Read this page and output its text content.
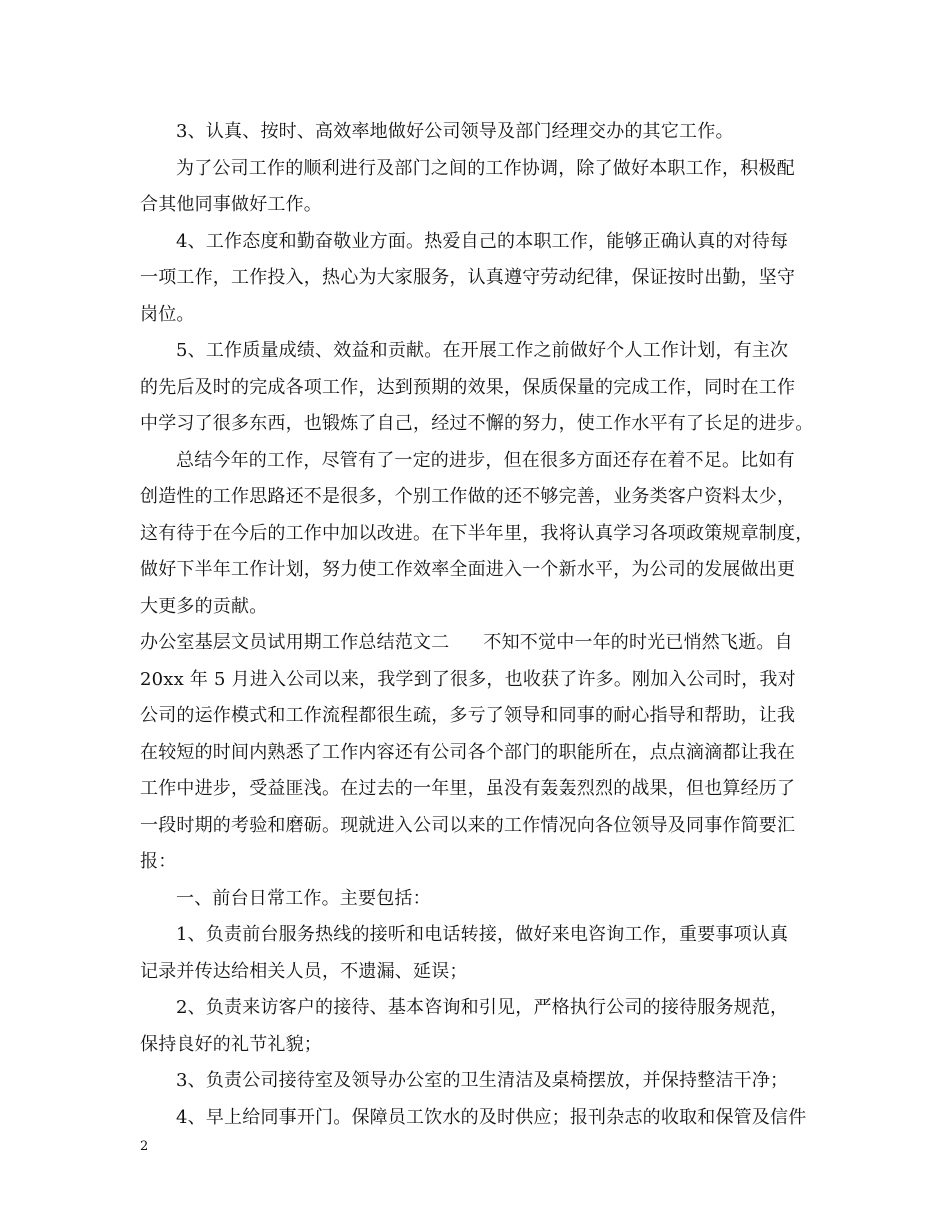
3、认真、按时、高效率地做好公司领导及部门经理交办的其它工作。
为了公司工作的顺利进行及部门之间的工作协调，除了做好本职工作，积极配
合其他同事做好工作。
4、工作态度和勤奋敬业方面。热爱自己的本职工作，能够正确认真的对待每
一项工作，工作投入，热心为大家服务，认真遵守劳动纪律，保证按时出勤，坚守
岗位。
5、工作质量成绩、效益和贡献。在开展工作之前做好个人工作计划，有主次
的先后及时的完成各项工作，达到预期的效果，保质保量的完成工作，同时在工作
中学习了很多东西，也锻炼了自己，经过不懈的努力，使工作水平有了长足的进步。
总结今年的工作，尽管有了一定的进步，但在很多方面还存在着不足。比如有
创造性的工作思路还不是很多，个别工作做的还不够完善，业务类客户资料太少，
这有待于在今后的工作中加以改进。在下半年里，我将认真学习各项政策规章制度，
做好下半年工作计划，努力使工作效率全面进入一个新水平，为公司的发展做出更
大更多的贡献。
办公室基层文员试用期工作总结范文二 不知不觉中一年的时光已悄然飞逝。自
20xx 年 5 月进入公司以来，我学到了很多，也收获了许多。刚加入公司时，我对
公司的运作模式和工作流程都很生疏，多亏了领导和同事的耐心指导和帮助，让我
在较短的时间内熟悉了工作内容还有公司各个部门的职能所在，点点滴滴都让我在
工作中进步，受益匪浅。在过去的一年里，虽没有轰轰烈烈的战果，但也算经历了
一段时期的考验和磨砺。现就进入公司以来的工作情况向各位领导及同事作简要汇
报：
一、前台日常工作。主要包括：
1、负责前台服务热线的接听和电话转接，做好来电咨询工作，重要事项认真
记录并传达给相关人员，不遗漏、延误；
2、负责来访客户的接待、基本咨询和引见，严格执行公司的接待服务规范，
保持良好的礼节礼貌；
3、负责公司接待室及领导办公室的卫生清洁及桌椅摆放，并保持整洁干净；
4、早上给同事开门。保障员工饮水的及时供应；报刊杂志的收取和保管及信件
2
